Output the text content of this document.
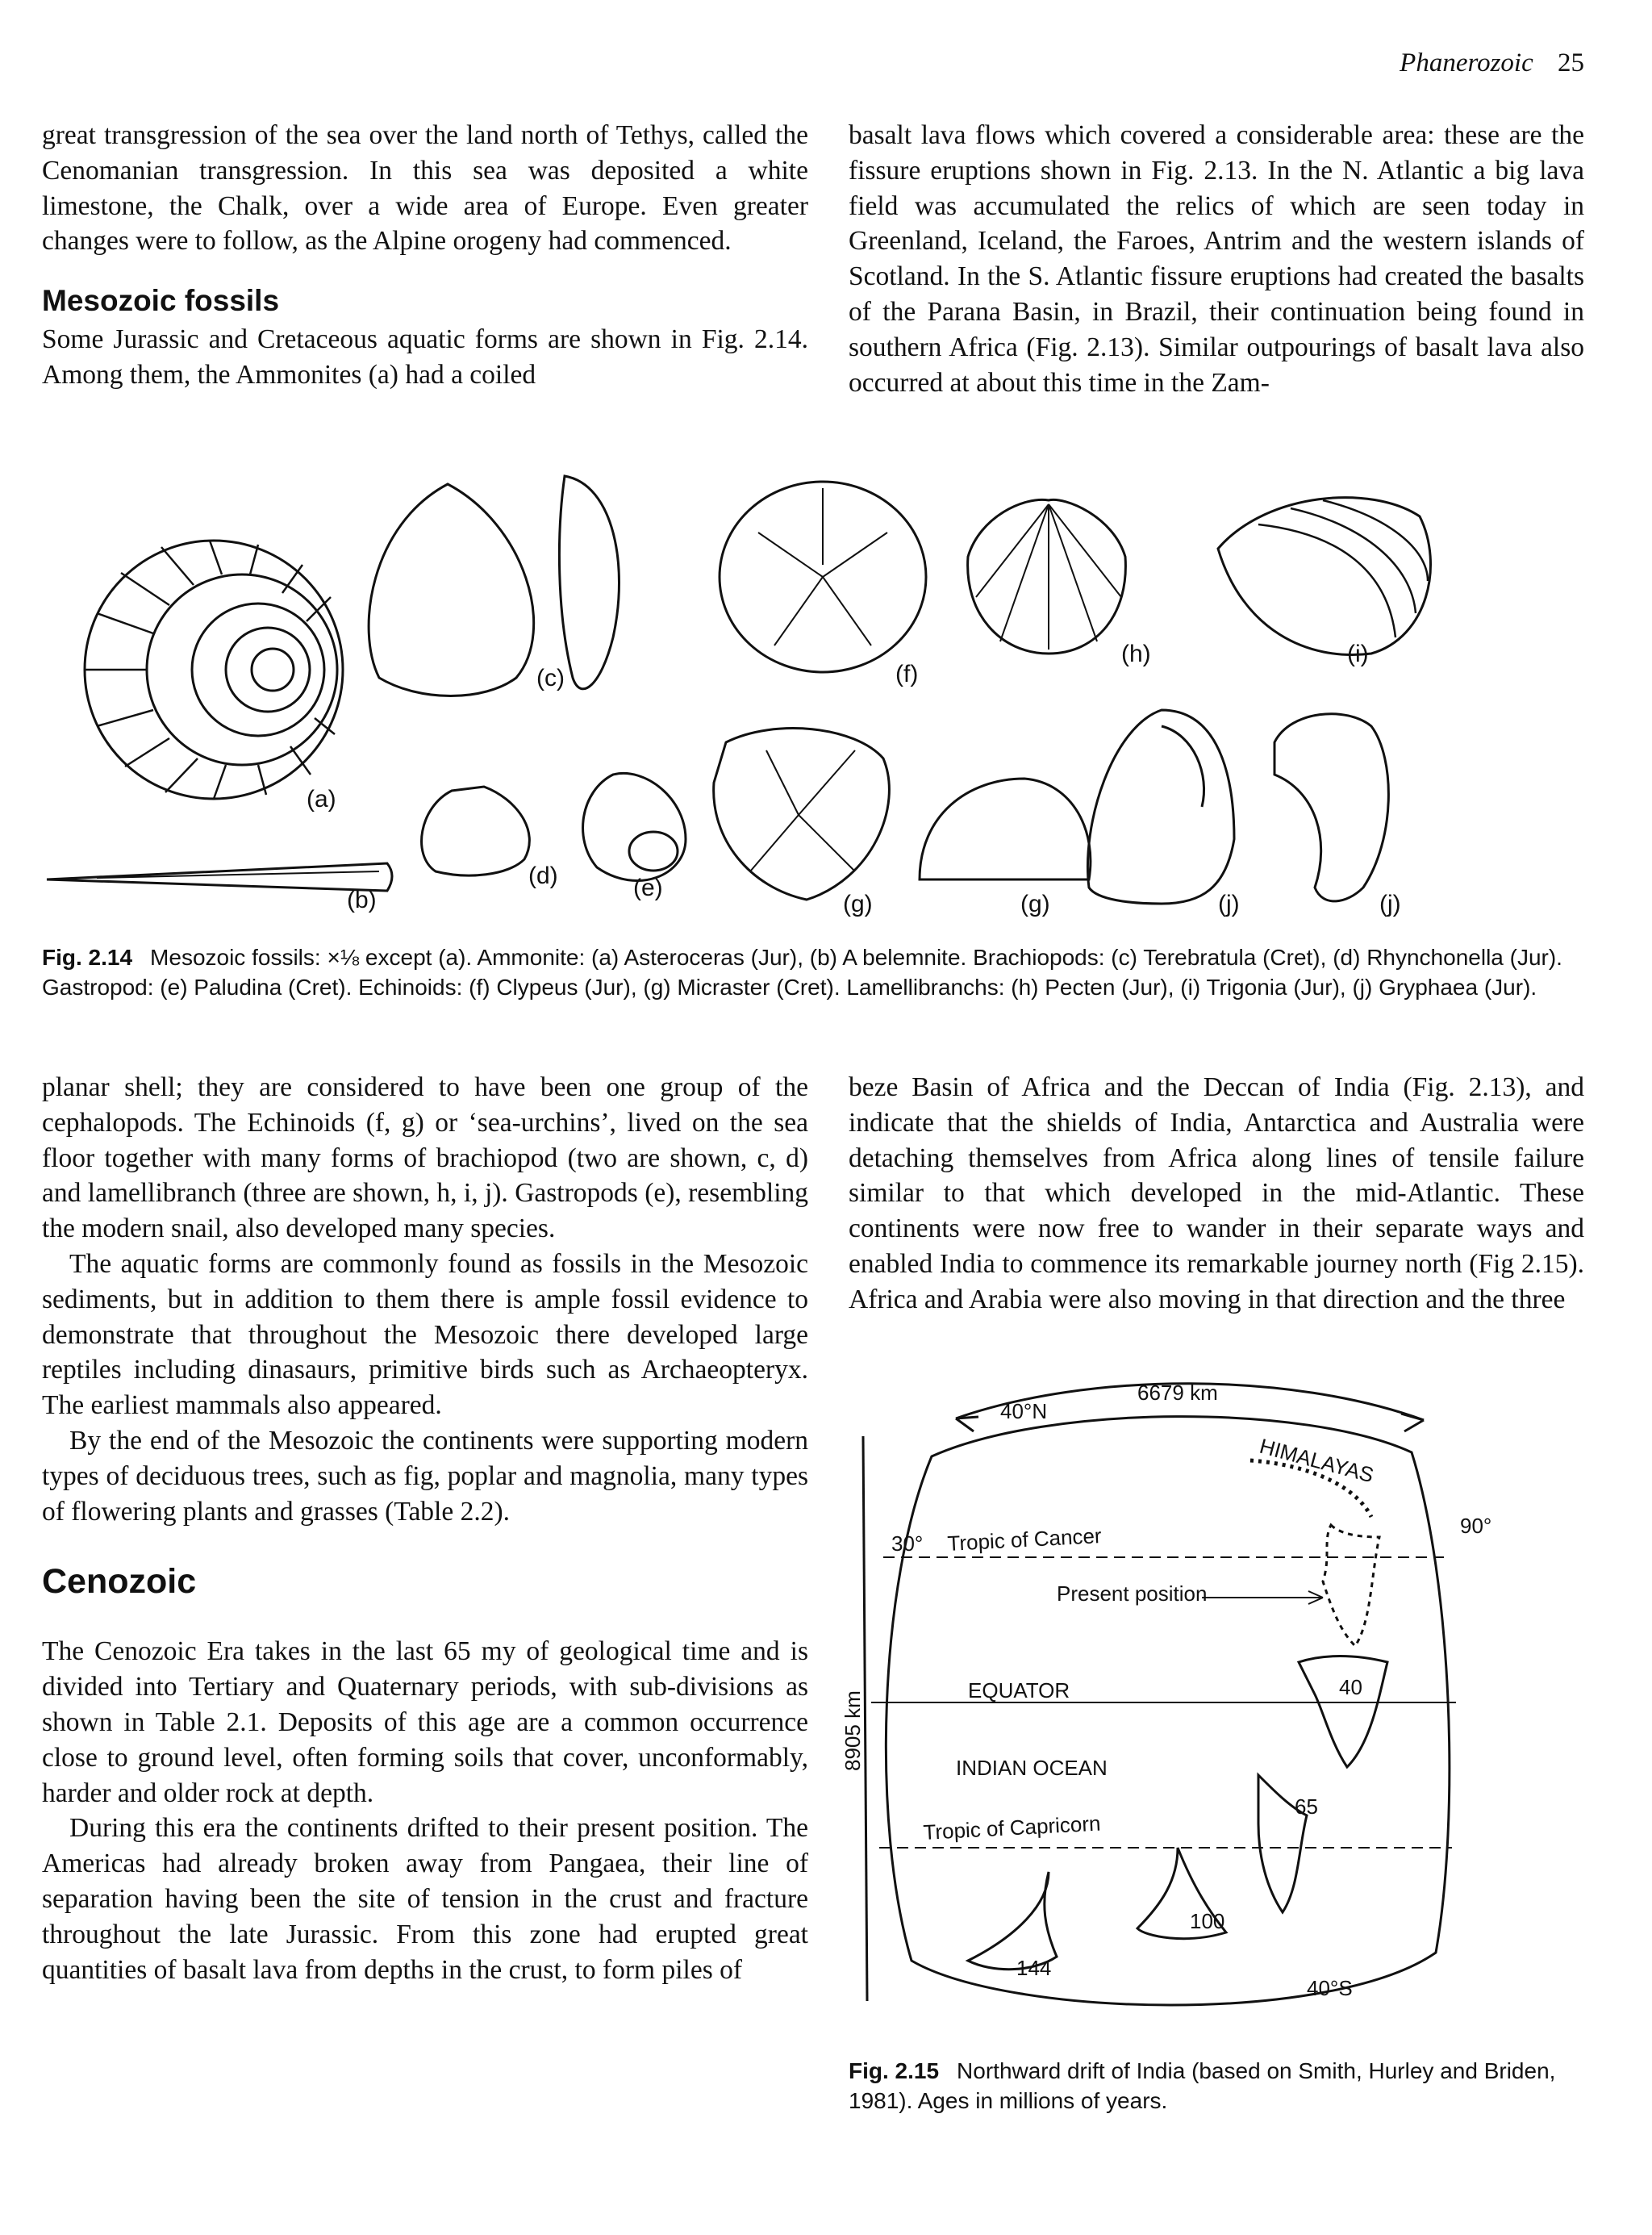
Phanerozoic 25

great transgression of the sea over the land north of Tethys, called the Cenomanian transgression. In this sea was deposited a white limestone, the Chalk, over a wide area of Europe. Even greater changes were to follow, as the Alpine orogeny had commenced.

Mesozoic fossils

Some Jurassic and Cretaceous aquatic forms are shown in Fig. 2.14. Among them, the Ammonites (a) had a coiled

basalt lava flows which covered a considerable area: these are the fissure eruptions shown in Fig. 2.13. In the N. Atlantic a big lava field was accumulated the relics of which are seen today in Greenland, Iceland, the Faroes, Antrim and the western islands of Scotland. In the S. Atlantic fissure eruptions had created the basalts of the Parana Basin, in Brazil, their continuation being found in southern Africa (Fig. 2.13). Similar outpourings of basalt lava also occurred at about this time in the Zam-

(a)
(b)
(c)
(d)	(e)
(f)
(g)	(g)
(h)	(i)
(j)	(j)
Fig. 2.14 Mesozoic fossils: ×⅛ except (a). Ammonite: (a) Asteroceras (Jur), (b) A belemnite. Brachiopods: (c) Terebratula (Cret), (d) Rhynchonella (Jur). Gastropod: (e) Paludina (Cret). Echinoids: (f) Clypeus (Jur), (g) Micraster (Cret). Lamellibranchs: (h) Pecten (Jur), (i) Trigonia (Jur), (j) Gryphaea (Jur).

planar shell; they are considered to have been one group of the cephalopods. The Echinoids (f, g) or ‘sea-urchins’, lived on the sea floor together with many forms of brachiopod (two are shown, c, d) and lamellibranch (three are shown, h, i, j). Gastropods (e), resembling the modern snail, also developed many species.

The aquatic forms are commonly found as fossils in the Mesozoic sediments, but in addition to them there is ample fossil evidence to demonstrate that throughout the Mesozoic there developed large reptiles including dinasaurs, primitive birds such as Archaeopteryx. The earliest mammals also appeared.

By the end of the Mesozoic the continents were supporting modern types of deciduous trees, such as fig, poplar and magnolia, many types of flowering plants and grasses (Table 2.2).

Cenozoic

The Cenozoic Era takes in the last 65 my of geological time and is divided into Tertiary and Quaternary periods, with sub-divisions as shown in Table 2.1. Deposits of this age are a common occurrence close to ground level, often forming soils that cover, unconformably, harder and older rock at depth.

During this era the continents drifted to their present position. The Americas had already broken away from Pangaea, their line of separation having been the site of tension in the crust and fracture throughout the late Jurassic. From this zone had erupted great quantities of basalt lava from depths in the crust, to form piles of

beze Basin of Africa and the Deccan of India (Fig. 2.13), and indicate that the shields of India, Antarctica and Australia were detaching themselves from Africa along lines of tensile failure similar to that which developed in the mid-Atlantic. These continents were now free to wander in their separate ways and enabled India to commence its remarkable journey north (Fig 2.15). Africa and Arabia were also moving in that direction and the three

6679 km
40°N
HIMALAYAS
30° Tropic of Cancer	90°
Present position
EQUATOR	40
INDIAN OCEAN
65
Tropic of Capricorn
100
144
40°S
8905 km
Fig. 2.15 Northward drift of India (based on Smith, Hurley and Briden, 1981). Ages in millions of years.
